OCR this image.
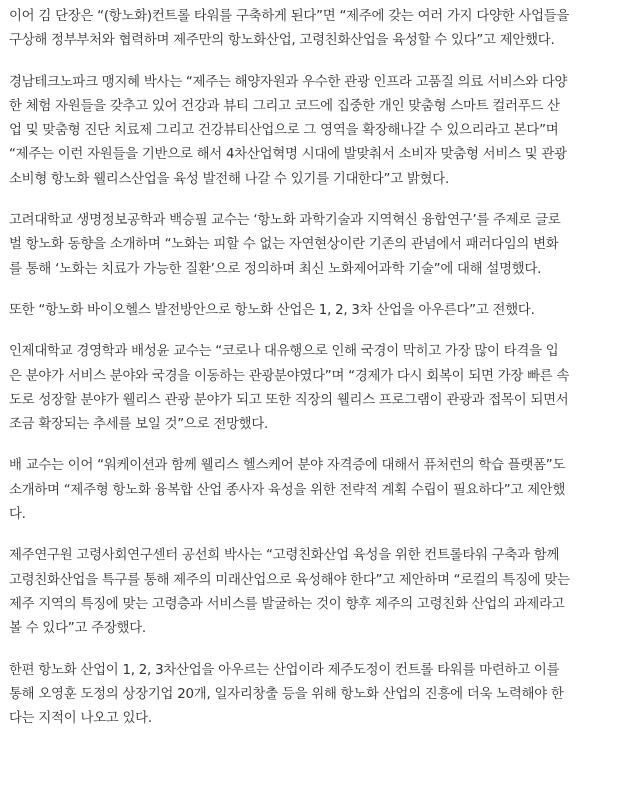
이어 김 단장은 “(항노화)컨트롤 타워를 구축하게 된다”면 “제주에 갖는 여러 가지 다양한 사업들을
구상해 정부부처와 협력하며 제주만의 항노화산업, 고령친화산업을 육성할 수 있다”고 제안했다.

경남테크노파크 맹지혜 박사는 “제주는 해양자원과 우수한 관광 인프라 고품질 의료 서비스와 다양
한 체험 자원들을 갖추고 있어 건강과 뷰티 그리고 코드에 집중한 개인 맞춤형 스마트 컬러푸드 산
업 및 맞춤형 진단 치료제 그리고 건강뷰티산업으로 그 영역을 확장해나갈 수 있으리라고 본다”며
“제주는 이런 자원들을 기반으로 해서 4차산업혁명 시대에 발맞춰서 소비자 맞춤형 서비스 및 관광
소비형 항노화 웰리스산업을 육성 발전해 나갈 수 있기를 기대한다”고 밝혔다.

고려대학교 생명정보공학과 백승필 교수는 ‘항노화 과학기술과 지역혁신 융합연구’를 주제로 글로
벌 항노화 동향을 소개하며 “노화는 피할 수 없는 자연현상이란 기존의 관념에서 패러다임의 변화
를 통해 ‘노화는 치료가 가능한 질환’으로 정의하며 최신 노화제어과학 기술”에 대해 설명했다.

또한 “항노화 바이오헬스 발전방안으로 항노화 산업은 1, 2, 3차 산업을 아우른다”고 전했다.

인제대학교 경영학과 배성윤 교수는 “코로나 대유행으로 인해 국경이 막히고 가장 많이 타격을 입
은 분야가 서비스 분야와 국경을 이동하는 관광분야였다”며 “경제가 다시 회복이 되면 가장 빠른 속
도로 성장할 분야가 웰리스 관광 분야가 되고 또한 직장의 웰리스 프로그램이 관광과 접목이 되면서
조금 확장되는 추세를 보일 것”으로 전망했다.

배 교수는 이어 “워케이션과 함께 웰리스 헬스케어 분야 자격증에 대해서 퓨처런의 학습 플랫폼”도
소개하며 “제주형 항노화 융복합 산업 종사자 육성을 위한 전략적 계획 수립이 필요하다”고 제안했
다.

제주연구원 고령사회연구센터 공선희 박사는 “고령친화산업 육성을 위한 컨트롤타워 구축과 함께
고령친화산업을 특구를 통해 제주의 미래산업으로 육성해야 한다”고 제안하며 “로컬의 특징에 맞는
제주 지역의 특징에 맞는 고령층과 서비스를 발굴하는 것이 향후 제주의 고령친화 산업의 과제라고
볼 수 있다”고 주장했다.

한편 항노화 산업이 1, 2, 3차산업을 아우르는 산업이라 제주도정이 컨트롤 타워를 마련하고 이를
통해 오영훈 도정의 상장기업 20개, 일자리창출 등을 위해 항노화 산업의 진흥에 더욱 노력해야 한
다는 지적이 나오고 있다.
